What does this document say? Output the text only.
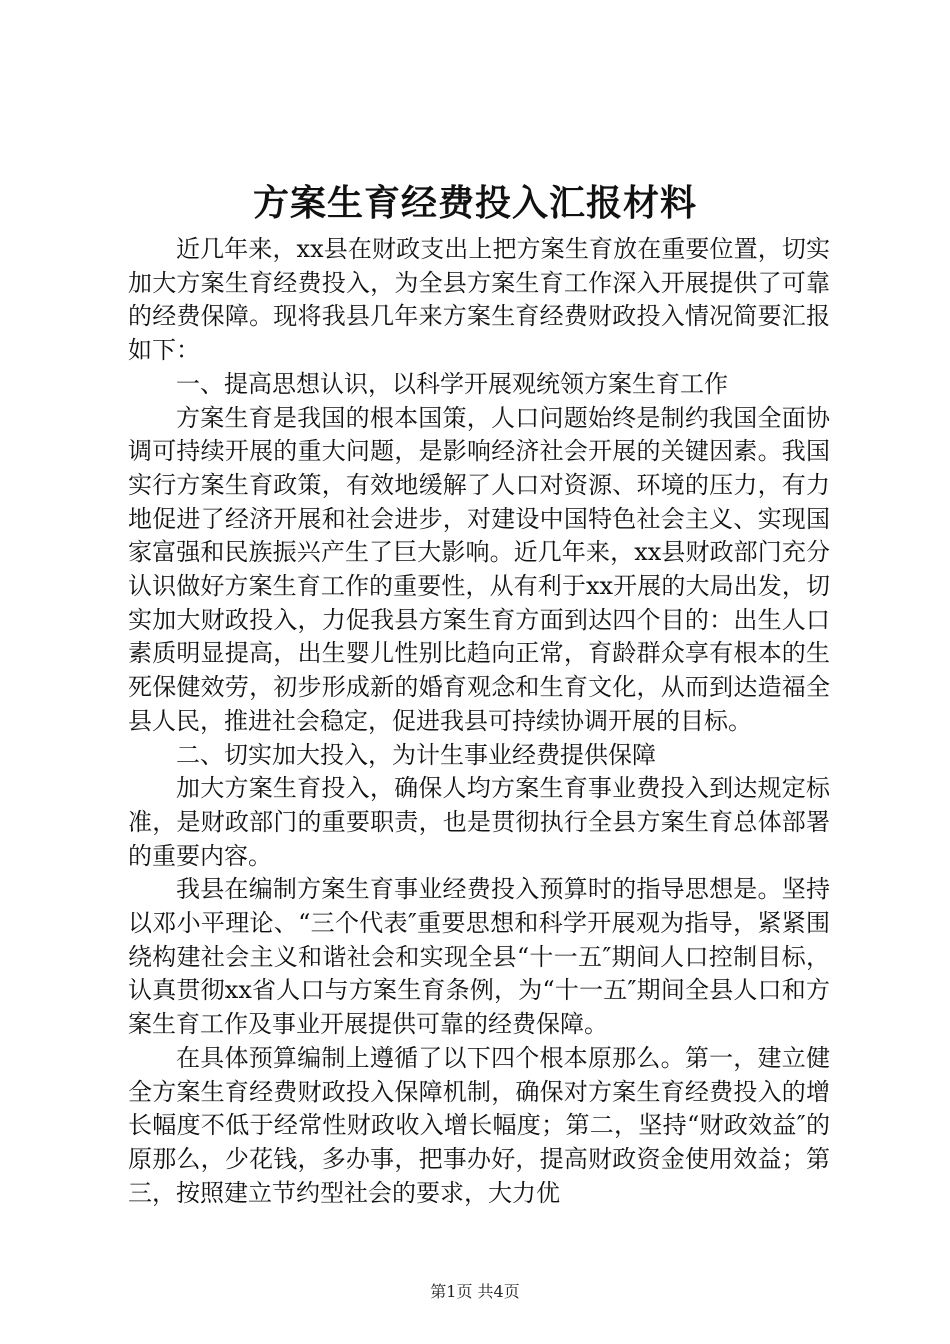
方案生育经费投入汇报材料

近几年来，xx县在财政支出上把方案生育放在重要位置，切实加大方案生育经费投入，为全县方案生育工作深入开展提供了可靠的经费保障。现将我县几年来方案生育经费财政投入情况简要汇报如下：

一、提高思想认识，以科学开展观统领方案生育工作

方案生育是我国的根本国策，人口问题始终是制约我国全面协调可持续开展的重大问题，是影响经济社会开展的关键因素。我国实行方案生育政策，有效地缓解了人口对资源、环境的压力，有力地促进了经济开展和社会进步，对建设中国特色社会主义、实现国家富强和民族振兴产生了巨大影响。近几年来，xx县财政部门充分认识做好方案生育工作的重要性，从有利于xx开展的大局出发，切实加大财政投入，力促我县方案生育方面到达四个目的：出生人口素质明显提高，出生婴儿性别比趋向正常，育龄群众享有根本的生死保健效劳，初步形成新的婚育观念和生育文化，从而到达造福全县人民，推进社会稳定，促进我县可持续协调开展的目标。

二、切实加大投入，为计生事业经费提供保障

加大方案生育投入，确保人均方案生育事业费投入到达规定标准，是财政部门的重要职责，也是贯彻执行全县方案生育总体部署的重要内容。

我县在编制方案生育事业经费投入预算时的指导思想是。坚持以邓小平理论、“三个代表″重要思想和科学开展观为指导，紧紧围绕构建社会主义和谐社会和实现全县“十一五″期间人口控制目标，认真贯彻xx省人口与方案生育条例，为“十一五″期间全县人口和方案生育工作及事业开展提供可靠的经费保障。

在具体预算编制上遵循了以下四个根本原那么。第一，建立健全方案生育经费财政投入保障机制，确保对方案生育经费投入的增长幅度不低于经常性财政收入增长幅度；第二，坚持“财政效益″的原那么，少花钱，多办事，把事办好，提高财政资金使用效益；第三，按照建立节约型社会的要求，大力优

第1页 共4页
